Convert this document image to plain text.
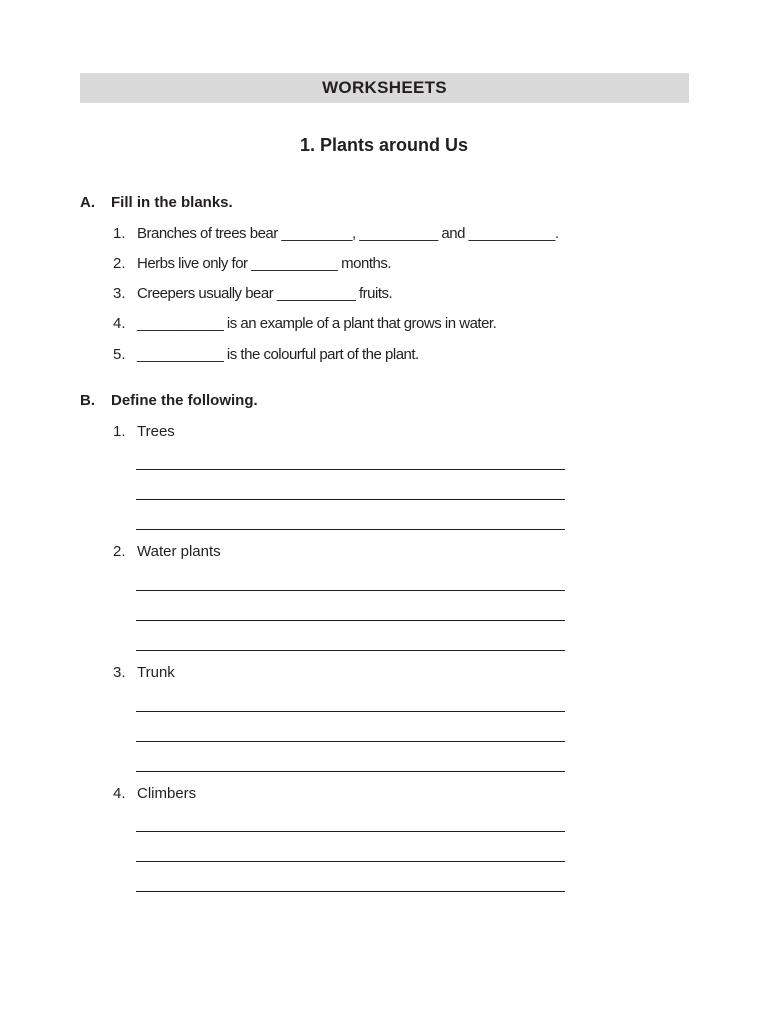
WORKSHEETS
1. Plants around Us
A. Fill in the blanks.
1. Branches of trees bear _________, __________ and ___________.
2. Herbs live only for ___________ months.
3. Creepers usually bear __________ fruits.
4. ___________ is an example of a plant that grows in water.
5. ___________ is the colourful part of the plant.
B. Define the following.
1. Trees
2. Water plants
3. Trunk
4. Climbers
